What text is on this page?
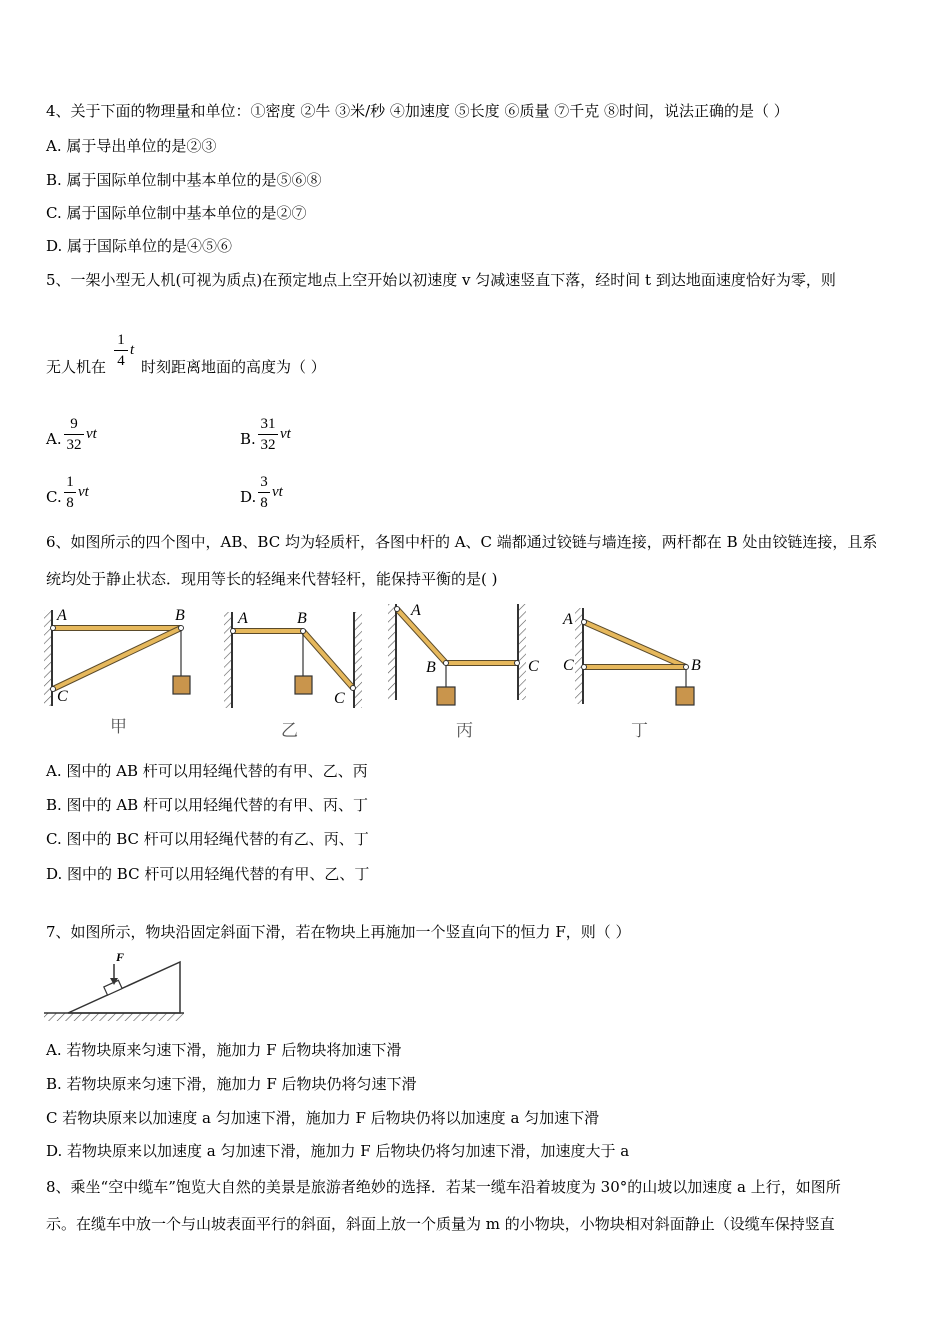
4、关于下面的物理量和单位：①密度 ②牛 ③米/秒 ④加速度 ⑤长度 ⑥质量 ⑦千克 ⑧时间，说法正确的是（ ）
A. 属于导出单位的是②③
B. 属于国际单位制中基本单位的是⑤⑥⑧
C. 属于国际单位制中基本单位的是②⑦
D. 属于国际单位的是④⑤⑥
5、一架小型无人机(可视为质点)在预定地点上空开始以初速度 v 匀减速竖直下落，经时间 t 到达地面速度恰好为零，则
无人机在
1
4
t
时刻距离地面的高度为（ ）
A.
9
32
vt	B.
31
32
vt
C.
1
8
vt	D.
3
8
vt
6、如图所示的四个图中，AB、BC 均为轻质杆，各图中杆的 A、C 端都通过铰链与墙连接，两杆都在 B 处由铰链连接，且系
统均处于静止状态．现用等长的轻绳来代替轻杆，能保持平衡的是( )
A	B
C
甲
A	B
C
乙
A
B	C
丙
A
B
C
丁
A. 图中的 AB 杆可以用轻绳代替的有甲、乙、丙
B. 图中的 AB 杆可以用轻绳代替的有甲、丙、丁
C. 图中的 BC 杆可以用轻绳代替的有乙、丙、丁
D. 图中的 BC 杆可以用轻绳代替的有甲、乙、丁
7、如图所示，物块沿固定斜面下滑，若在物块上再施加一个竖直向下的恒力 F，则（ ）
F
A. 若物块原来匀速下滑，施加力 F 后物块将加速下滑
B. 若物块原来匀速下滑，施加力 F 后物块仍将匀速下滑
C 若物块原来以加速度 a 匀加速下滑，施加力 F 后物块仍将以加速度 a 匀加速下滑
D. 若物块原来以加速度 a 匀加速下滑，施加力 F 后物块仍将匀加速下滑，加速度大于 a
8、乘坐“空中缆车”饱览大自然的美景是旅游者绝妙的选择．若某一缆车沿着坡度为 30°的山坡以加速度 a 上行，如图所
示。在缆车中放一个与山坡表面平行的斜面，斜面上放一个质量为 m 的小物块，小物块相对斜面静止（设缆车保持竖直
